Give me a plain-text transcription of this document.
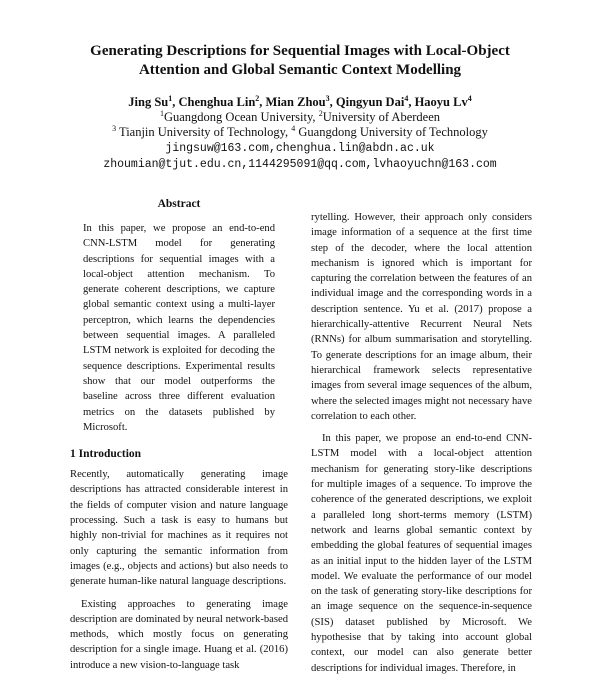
Generating Descriptions for Sequential Images with Local-Object
Attention and Global Semantic Context Modelling
Jing Su$^1$, Chenghua Lin$^2$, Mian Zhou$^3$, Qingyun Dai$^4$, Haoyu Lv$^4$
$^1$Guangdong Ocean University, $^2$University of Aberdeen
$^3$ Tianjin University of Technology, $^4$ Guangdong University of Technology
jingsuw@163.com,chenghua.lin@abdn.ac.uk
zhoumian@tjut.edu.cn,1144295091@qq.com,lvhaoyuchn@163.com
Abstract

In this paper, we propose an end-to-end CNN-LSTM model for generating descriptions for sequential images with a local-object attention mechanism. To generate coherent descriptions, we capture global semantic context using a multi-layer perceptron, which learns the dependencies between sequential images. A paralleled LSTM network is exploited for decoding the sequence descriptions. Experimental results show that our model outperforms the baseline across three different evaluation metrics on the datasets published by Microsoft.

1 Introduction

Recently, automatically generating image descriptions has attracted considerable interest in the fields of computer vision and nature language processing. Such a task is easy to humans but highly non-trivial for machines as it requires not only capturing the semantic information from images (e.g., objects and actions) but also needs to generate human-like natural language descriptions.

Existing approaches to generating image description are dominated by neural network-based methods, which mostly focus on generating description for a single image. Huang et al. (2016) introduce a new vision-to-language task

rytelling. However, their approach only considers image information of a sequence at the first time step of the decoder, where the local attention mechanism is ignored which is important for capturing the correlation between the features of an individual image and the corresponding words in a description sentence. Yu et al. (2017) propose a hierarchically-attentive Recurrent Neural Nets (RNNs) for album summarisation and storytelling. To generate descriptions for an image album, their hierarchical framework selects representative images from several image sequences of the album, where the selected images might not necessary have correlation to each other.

In this paper, we propose an end-to-end CNN-LSTM model with a local-object attention mechanism for generating story-like descriptions for multiple images of a sequence. To improve the coherence of the generated descriptions, we exploit a paralleled long short-terms memory (LSTM) network and learns global semantic context by embedding the global features of sequential images as an initial input to the hidden layer of the LSTM model. We evaluate the performance of our model on the task of generating story-like descriptions for an image sequence on the sequence-in-sequence (SIS) dataset published by Microsoft. We hypothesise that by taking into account global context, our model can also generate better descriptions for individual images. Therefore, in
